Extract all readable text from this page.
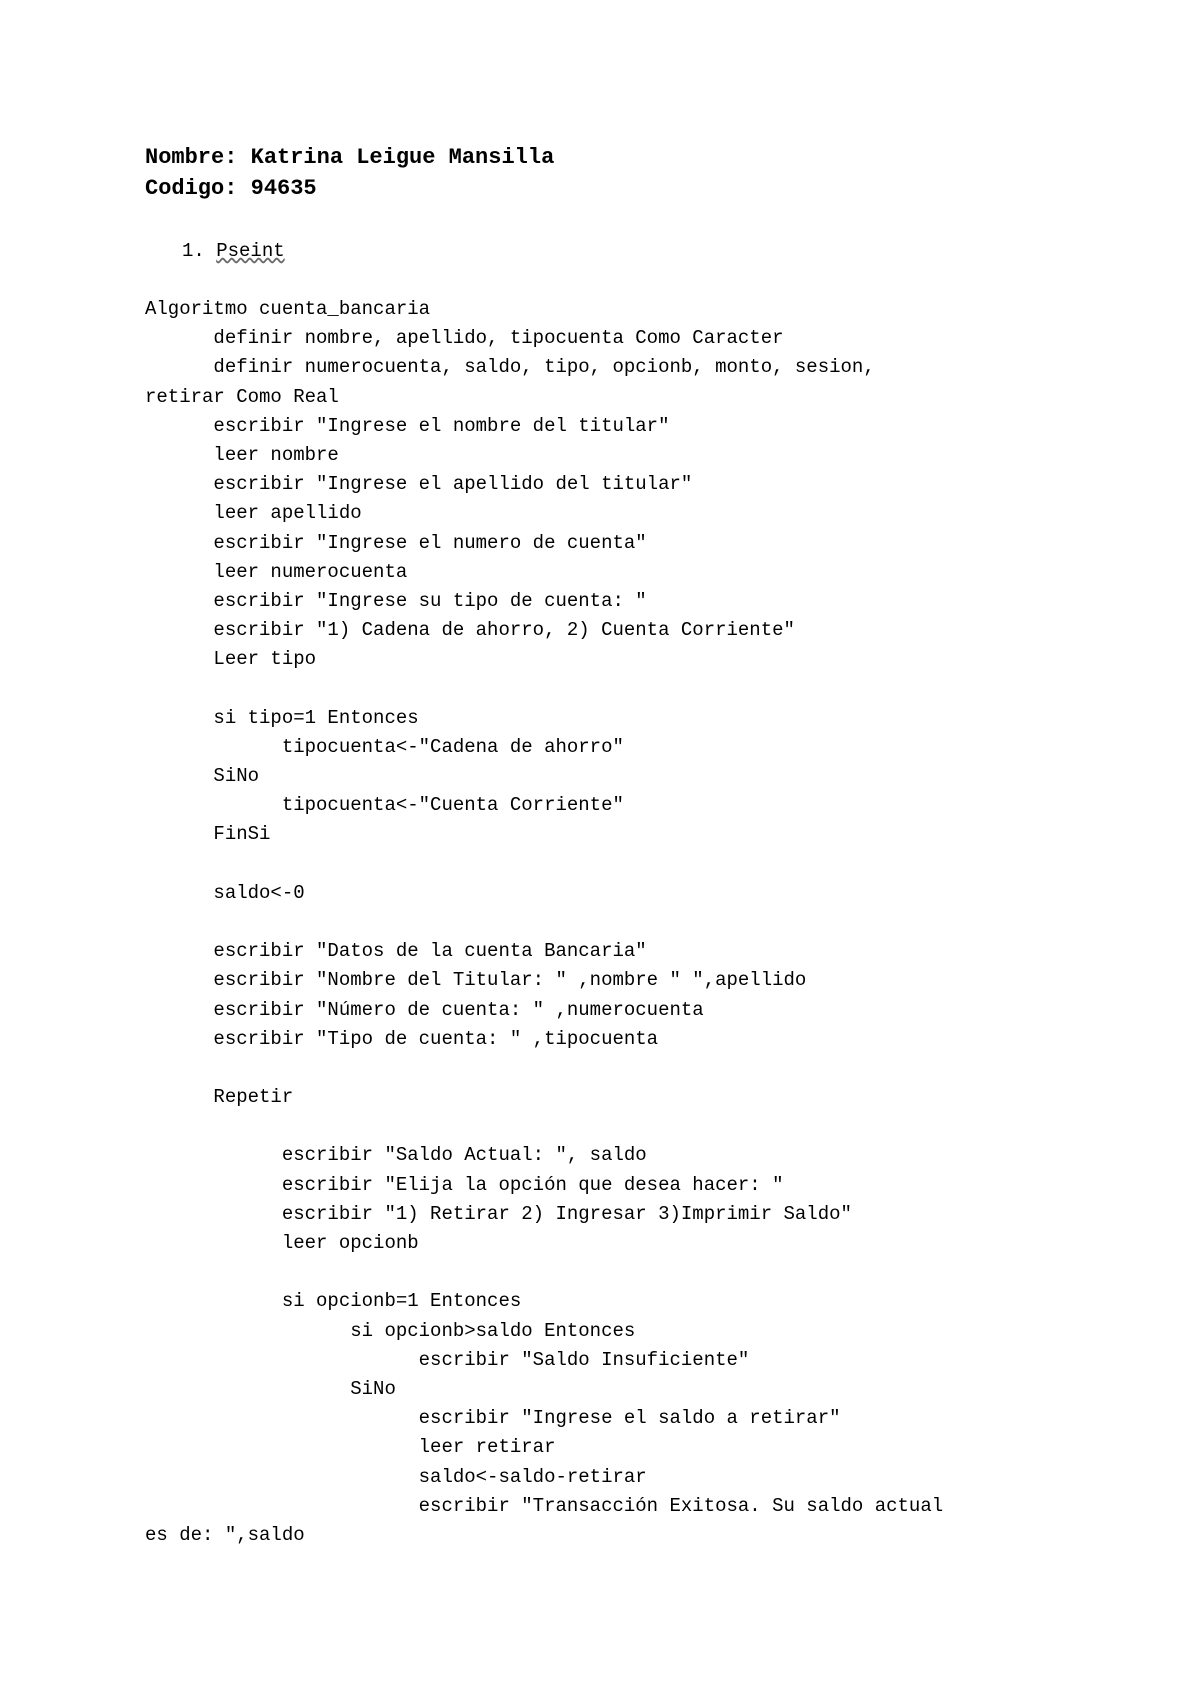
Nombre: Katrina Leigue Mansilla
Codigo: 94635
1. Pseint
Algoritmo cuenta_bancaria
definir nombre, apellido, tipocuenta Como Caracter
definir numerocuenta, saldo, tipo, opcionb, monto, sesion,
retirar Como Real
escribir "Ingrese el nombre del titular"
leer nombre
escribir "Ingrese el apellido del titular"
leer apellido
escribir "Ingrese el numero de cuenta"
leer numerocuenta
escribir "Ingrese su tipo de cuenta: "
escribir "1) Cadena de ahorro, 2) Cuenta Corriente"
Leer tipo
si tipo=1 Entonces
tipocuenta<-"Cadena de ahorro"
SiNo
tipocuenta<-"Cuenta Corriente"
FinSi
saldo<-0
escribir "Datos de la cuenta Bancaria"
escribir "Nombre del Titular: " ,nombre " ",apellido
escribir "Número de cuenta: " ,numerocuenta
escribir "Tipo de cuenta: " ,tipocuenta
Repetir
escribir "Saldo Actual: ", saldo
escribir "Elija la opción que desea hacer: "
escribir "1) Retirar 2) Ingresar 3)Imprimir Saldo"
leer opcionb
si opcionb=1 Entonces
si opcionb>saldo Entonces
escribir "Saldo Insuficiente"
SiNo
escribir "Ingrese el saldo a retirar"
leer retirar
saldo<-saldo-retirar
escribir "Transacción Exitosa. Su saldo actual
es de: ",saldo
